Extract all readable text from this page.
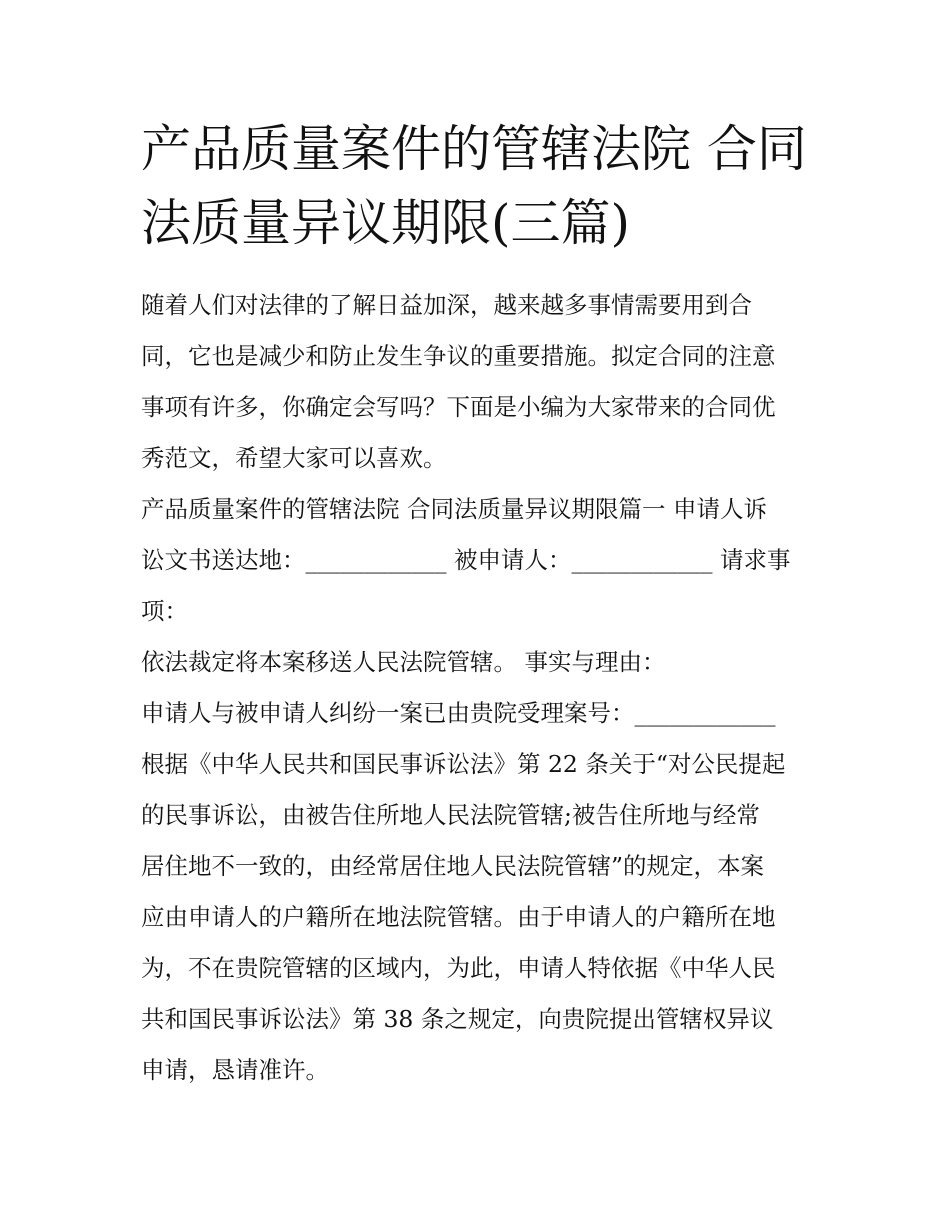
产品质量案件的管辖法院 合同
法质量异议期限(三篇)
随着人们对法律的了解日益加深，越来越多事情需要用到合
同，它也是减少和防止发生争议的重要措施。拟定合同的注意
事项有许多，你确定会写吗？下面是小编为大家带来的合同优
秀范文，希望大家可以喜欢。
产品质量案件的管辖法院 合同法质量异议期限篇一 申请人诉
讼文书送达地：____________ 被申请人：____________ 请求事
项：
依法裁定将本案移送人民法院管辖。 事实与理由：
申请人与被申请人纠纷一案已由贵院受理案号：____________
根据《中华人民共和国民事诉讼法》第 22 条关于“对公民提起
的民事诉讼，由被告住所地人民法院管辖;被告住所地与经常
居住地不一致的，由经常居住地人民法院管辖”的规定，本案
应由申请人的户籍所在地法院管辖。由于申请人的户籍所在地
为，不在贵院管辖的区域内，为此，申请人特依据《中华人民
共和国民事诉讼法》第 38 条之规定，向贵院提出管辖权异议
申请，恳请准许。
